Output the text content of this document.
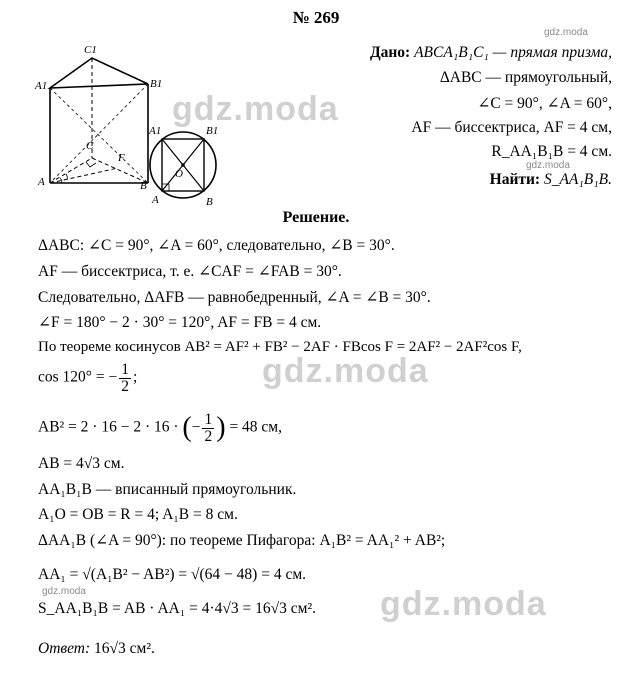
№ 269
gdz.moda
gdz.moda
gdz.moda
gdz.moda
gdz.moda
gdz.moda
C1
A1	B1
C
F
A	B
A1	B1
O
A	B
Дано: ABCA₁B₁C₁ — прямая призма,
ΔABC — прямоугольный,
∠C = 90°, ∠A = 60°,
AF — биссектриса, AF = 4 см,
R_AA₁B₁B = 4 см.
Найти: S_AA₁B₁B.
Решение.
ΔABC: ∠C = 90°, ∠A = 60°, следовательно, ∠B = 30°.
AF — биссектриса, т. е. ∠CAF = ∠FAB = 30°.
Следовательно, ΔAFB — равнобедренный, ∠A = ∠B = 30°.
∠F = 180° − 2 · 30° = 120°, AF = FB = 4 см.
По теореме косинусов AB² = AF² + FB² − 2AF · FBcos F = 2AF² − 2AF²cos F,
cos 120° = − $\frac{1}{2}$ ;
AB² = 2 · 16 − 2 · 16 · (− $\frac{1}{2}$ ) = 48 см,
AB = 4√3 см.
AA₁B₁B — вписанный прямоугольник.
A₁O = OB = R = 4; A₁B = 8 см.
ΔAA₁B (∠A = 90°): по теореме Пифагора: A₁B² = AA₁² + AB²;
AA₁ = √(A₁B² − AB²) = √(64 − 48) = 4 см.
S_AA₁B₁B = AB · AA₁ = 4·4√3 = 16√3 см².
Ответ: 16√3 см².
